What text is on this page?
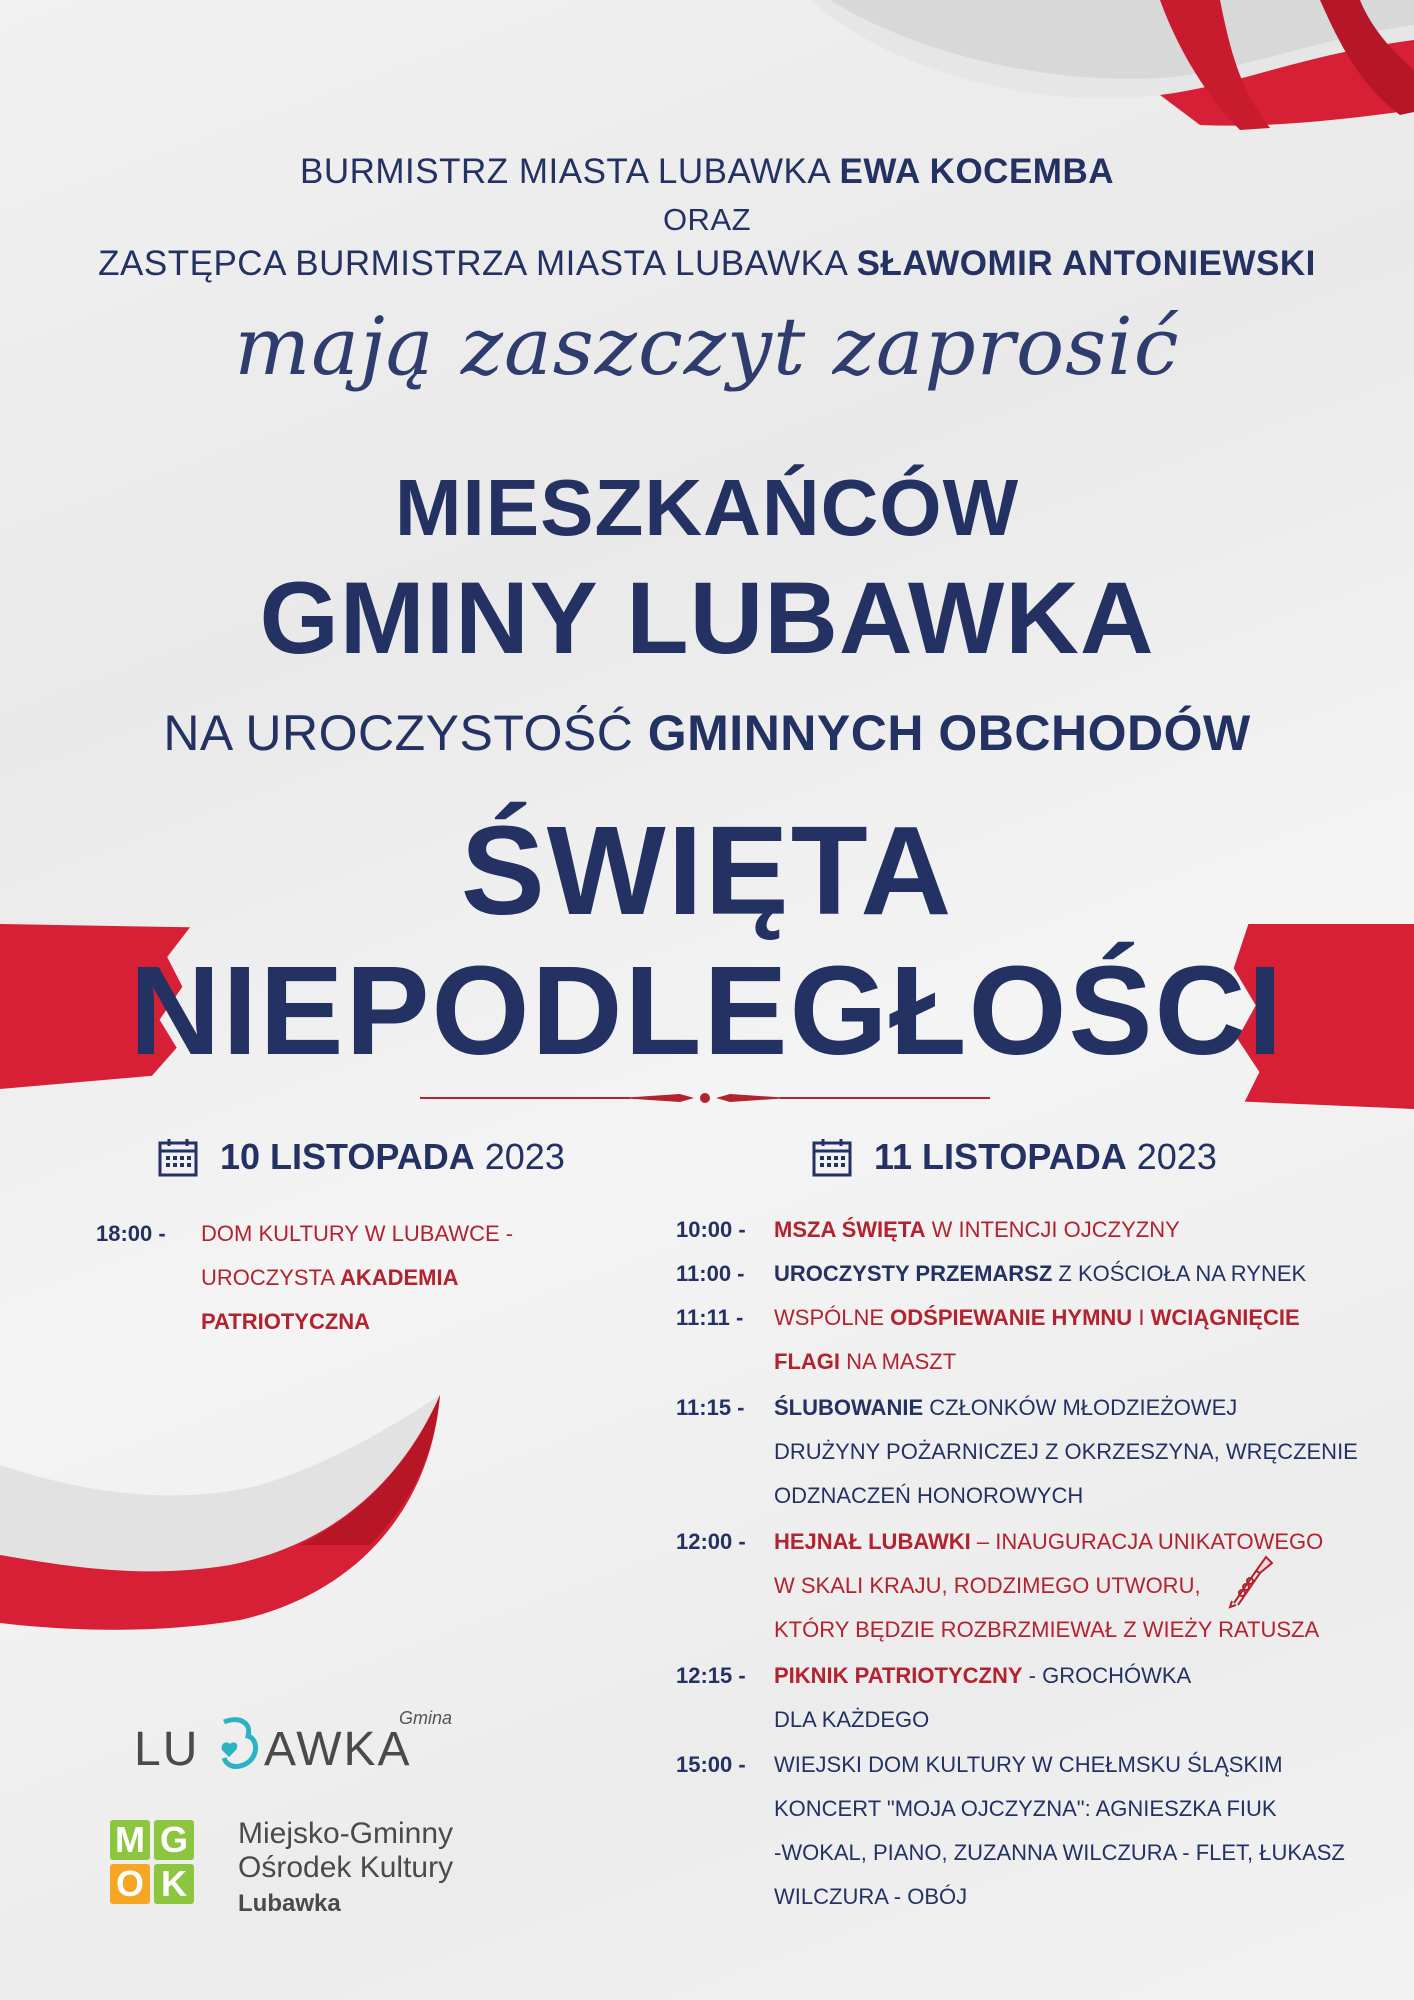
BURMISTRZ MIASTA LUBAWKA EWA KOCEMBA
ORAZ
ZASTĘPCA BURMISTRZA MIASTA LUBAWKA SŁAWOMIR ANTONIEWSKI
mają zaszczyt zaprosić
MIESZKAŃCÓW
GMINY LUBAWKA
NA UROCZYSTOŚĆ GMINNYCH OBCHODÓW
ŚWIĘTA
NIEPODLEGŁOŚCI
10 LISTOPADA 2023
18:00 -	DOM KULTURY W LUBAWCE -
UROCZYSTA AKADEMIA
PATRIOTYCZNA
11 LISTOPADA 2023
10:00 -	MSZA ŚWIĘTA W INTENCJI OJCZYZNY
11:00 -	UROCZYSTY PRZEMARSZ Z KOŚCIOŁA NA RYNEK
11:11 -	WSPÓLNE ODŚPIEWANIE HYMNU I WCIĄGNIĘCIE
FLAGI NA MASZT
11:15 -	ŚLUBOWANIE CZŁONKÓW MŁODZIEŻOWEJ
DRUŻYNY POŻARNICZEJ Z OKRZESZYNA, WRĘCZENIE
ODZNACZEŃ HONOROWYCH
12:00 -	HEJNAŁ LUBAWKI – INAUGURACJA UNIKATOWEGO
W SKALI KRAJU, RODZIMEGO UTWORU,
KTÓRY BĘDZIE ROZBRZMIEWAŁ Z WIEŻY RATUSZA
12:15 -	PIKNIK PATRIOTYCZNY - GROCHÓWKA
DLA KAŻDEGO
15:00 -	WIEJSKI DOM KULTURY W CHEŁMSKU ŚLĄSKIM
KONCERT "MOJA OJCZYZNA": AGNIESZKA FIUK
-WOKAL, PIANO, ZUZANNA WILCZURA - FLET, ŁUKASZ
WILCZURA - OBÓJ
Gmina
LU AWKA
M G
O K
Miejsko-Gminny
Ośrodek Kultury
Lubawka
